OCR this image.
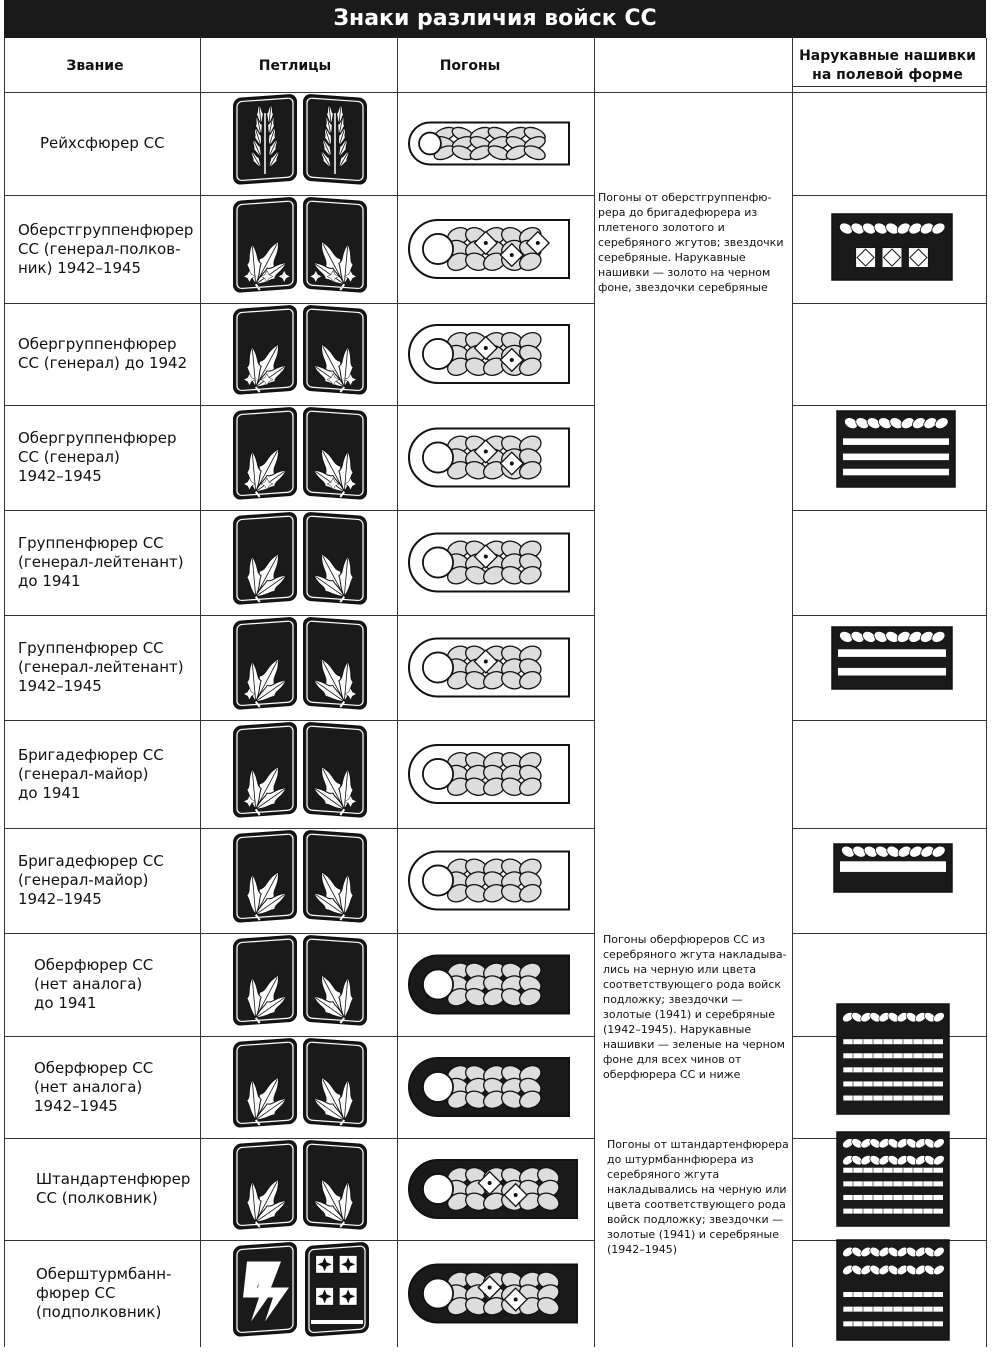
Знаки различия войск СС
Звание	Петлицы	Погоны
Нарукавные нашивки
на полевой форме
Рейхсфюрер СС
Оберстгруппенфюрер
СС (генерал-полков-
ник) 1942–1945
Обергруппенфюрер
СС (генерал) до 1942
Обергруппенфюрер
СС (генерал)
1942–1945
Группенфюрер СС
(генерал-лейтенант)
до 1941
Группенфюрер СС
(генерал-лейтенант)
1942–1945
Бригадефюрер СС
(генерал-майор)
до 1941
Бригадефюрер СС
(генерал-майор)
1942–1945
Оберфюрер СС
(нет аналога)
до 1941
Оберфюрер СС
(нет аналога)
1942–1945
Штандартенфюрер
СС (полковник)
Оберштурмбанн-
фюрер СС
(подполковник)
Погоны от оберстгруппенфю-
рера до бригадефюрера из
плетеного золотого и
серебряного жгутов; звездочки
серебряные. Нарукавные
нашивки — золото на черном
фоне, звездочки серебряные
Погоны оберфюреров СС из
серебряного жгута накладыва-
лись на черную или цвета
соответствующего рода войск
подложку; звездочки —
золотые (1941) и серебряные
(1942–1945). Нарукавные
нашивки — зеленые на черном
фоне для всех чинов от
оберфюрера СС и ниже
Погоны от штандартенфюрера
до штурмбаннфюрера из
серебряного жгута
накладывались на черную или
цвета соответствующего рода
войск подложку; звездочки —
золотые (1941) и серебряные
(1942–1945)
